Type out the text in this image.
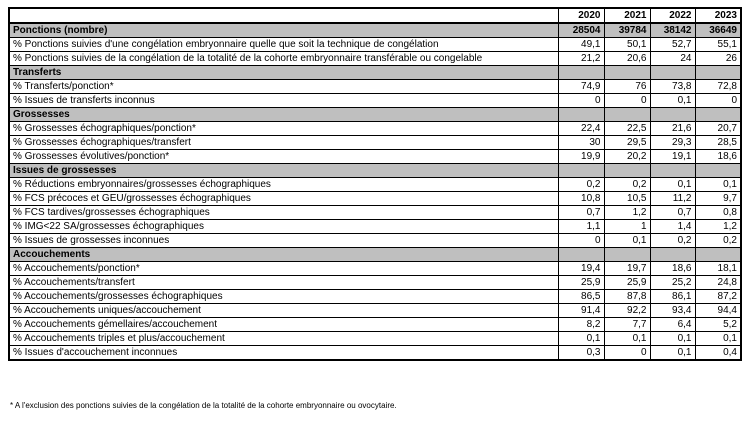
	2020	2021	2022	2023
Ponctions (nombre)	28504	39784	38142	36649
% Ponctions suivies d'une congélation embryonnaire quelle que soit la technique de congélation	49,1	50,1	52,7	55,1
% Ponctions suivies de la congélation de la totalité de la cohorte embryonnaire transférable ou congelable	21,2	20,6	24	26
Transferts				
% Transferts/ponction*	74,9	76	73,8	72,8
% Issues de transferts inconnus	0	0	0,1	0
Grossesses				
% Grossesses échographiques/ponction*	22,4	22,5	21,6	20,7
% Grossesses échographiques/transfert	30	29,5	29,3	28,5
% Grossesses évolutives/ponction*	19,9	20,2	19,1	18,6
Issues de grossesses				
% Réductions embryonnaires/grossesses échographiques	0,2	0,2	0,1	0,1
% FCS précoces et GEU/grossesses échographiques	10,8	10,5	11,2	9,7
% FCS tardives/grossesses échographiques	0,7	1,2	0,7	0,8
% IMG<22 SA/grossesses échographiques	1,1	1	1,4	1,2
% Issues de grossesses inconnues	0	0,1	0,2	0,2
Accouchements				
% Accouchements/ponction*	19,4	19,7	18,6	18,1
% Accouchements/transfert	25,9	25,9	25,2	24,8
% Accouchements/grossesses échographiques	86,5	87,8	86,1	87,2
% Accouchements uniques/accouchement	91,4	92,2	93,4	94,4
% Accouchements gémellaires/accouchement	8,2	7,7	6,4	5,2
% Accouchements triples et plus/accouchement	0,1	0,1	0,1	0,1
% Issues d'accouchement inconnues	0,3	0	0,1	0,4
* A l'exclusion des ponctions suivies de la congélation de la totalité de la cohorte embryonnaire ou ovocytaire.
